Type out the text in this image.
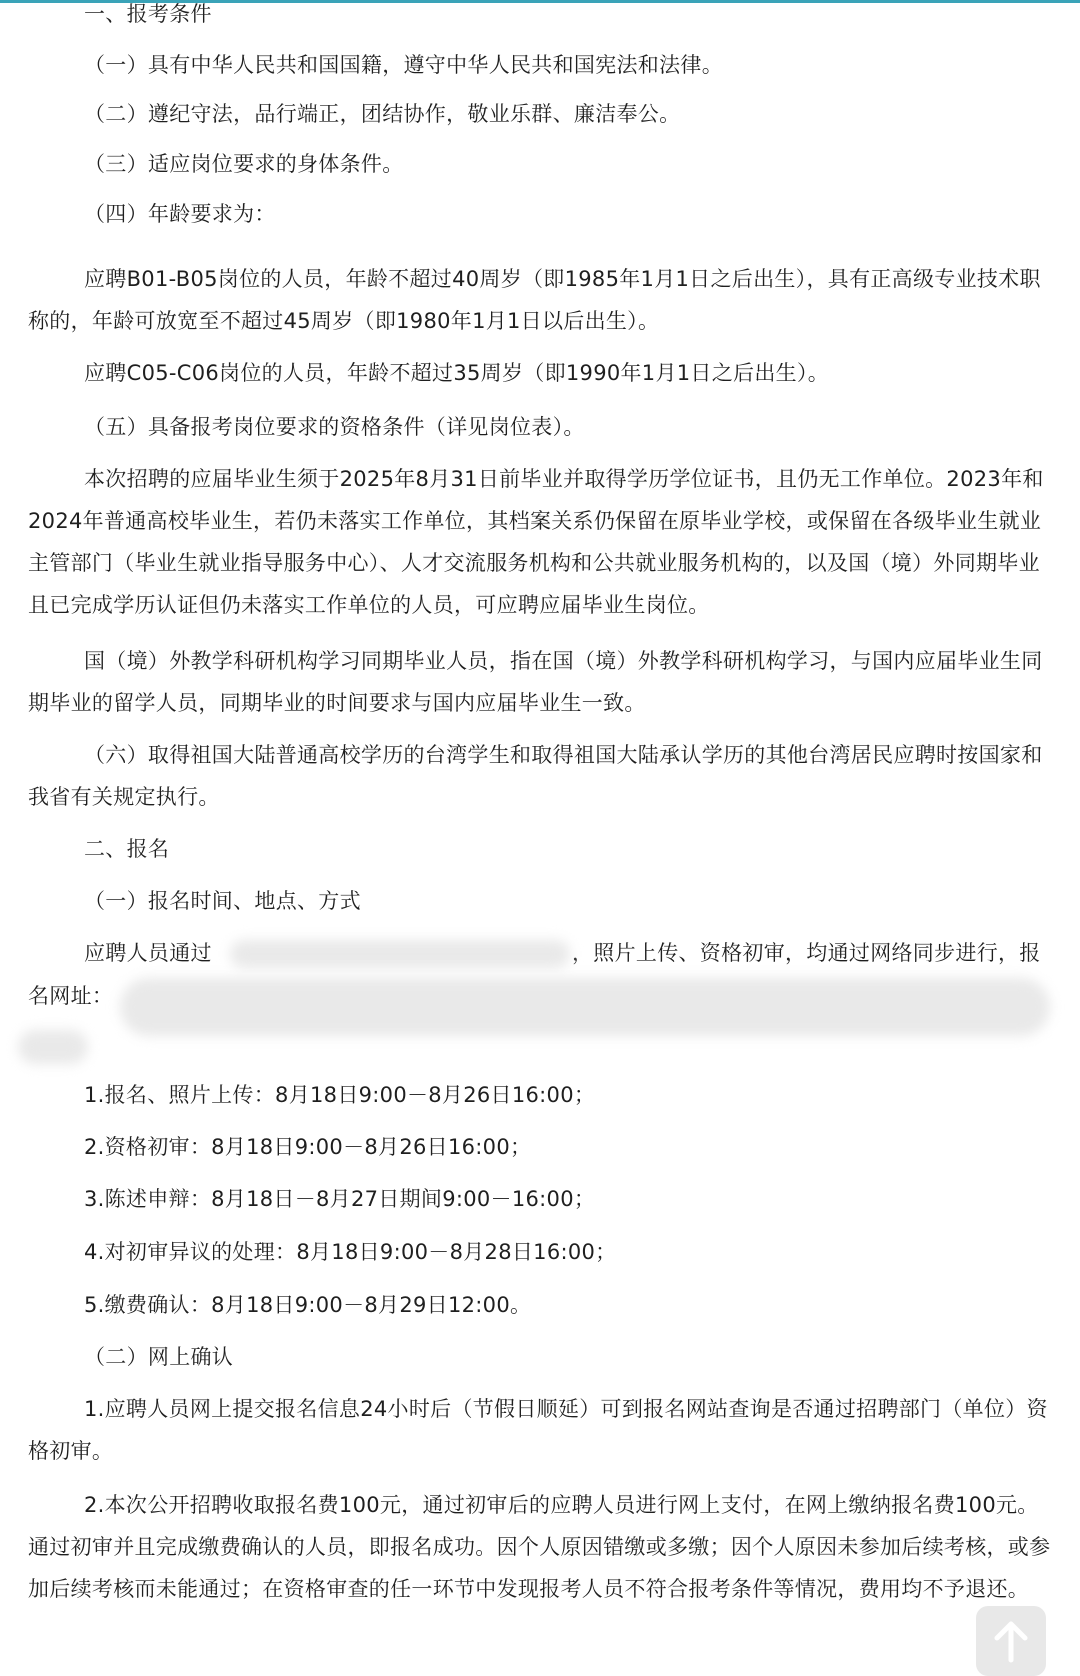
一、报考条件
（一）具有中华人民共和国国籍，遵守中华人民共和国宪法和法律。
（二）遵纪守法，品行端正，团结协作，敬业乐群、廉洁奉公。
（三）适应岗位要求的身体条件。
（四）年龄要求为：
应聘B01-B05岗位的人员，年龄不超过40周岁（即1985年1月1日之后出生），具有正高级专业技术职称的，年龄可放宽至不超过45周岁（即1980年1月1日以后出生）。
应聘C05-C06岗位的人员，年龄不超过35周岁（即1990年1月1日之后出生）。
（五）具备报考岗位要求的资格条件（详见岗位表）。
本次招聘的应届毕业生须于2025年8月31日前毕业并取得学历学位证书，且仍无工作单位。2023年和2024年普通高校毕业生，若仍未落实工作单位，其档案关系仍保留在原毕业学校，或保留在各级毕业生就业主管部门（毕业生就业指导服务中心）、人才交流服务机构和公共就业服务机构的，以及国（境）外同期毕业且已完成学历认证但仍未落实工作单位的人员，可应聘应届毕业生岗位。
国（境）外教学科研机构学习同期毕业人员，指在国（境）外教学科研机构学习，与国内应届毕业生同期毕业的留学人员，同期毕业的时间要求与国内应届毕业生一致。
（六）取得祖国大陆普通高校学历的台湾学生和取得祖国大陆承认学历的其他台湾居民应聘时按国家和我省有关规定执行。
二、报名
（一）报名时间、地点、方式
应聘人员通过	，照片上传、资格初审，均通过网络同步进行，报
名网址：
1.报名、照片上传：8月18日9:00－8月26日16:00；
2.资格初审：8月18日9:00－8月26日16:00；
3.陈述申辩：8月18日－8月27日期间9:00－16:00；
4.对初审异议的处理：8月18日9:00－8月28日16:00；
5.缴费确认：8月18日9:00－8月29日12:00。
（二）网上确认
1.应聘人员网上提交报名信息24小时后（节假日顺延）可到报名网站查询是否通过招聘部门（单位）资格初审。
2.本次公开招聘收取报名费100元，通过初审后的应聘人员进行网上支付，在网上缴纳报名费100元。通过初审并且完成缴费确认的人员，即报名成功。因个人原因错缴或多缴；因个人原因未参加后续考核，或参加后续考核而未能通过；在资格审查的任一环节中发现报考人员不符合报考条件等情况，费用均不予退还。
